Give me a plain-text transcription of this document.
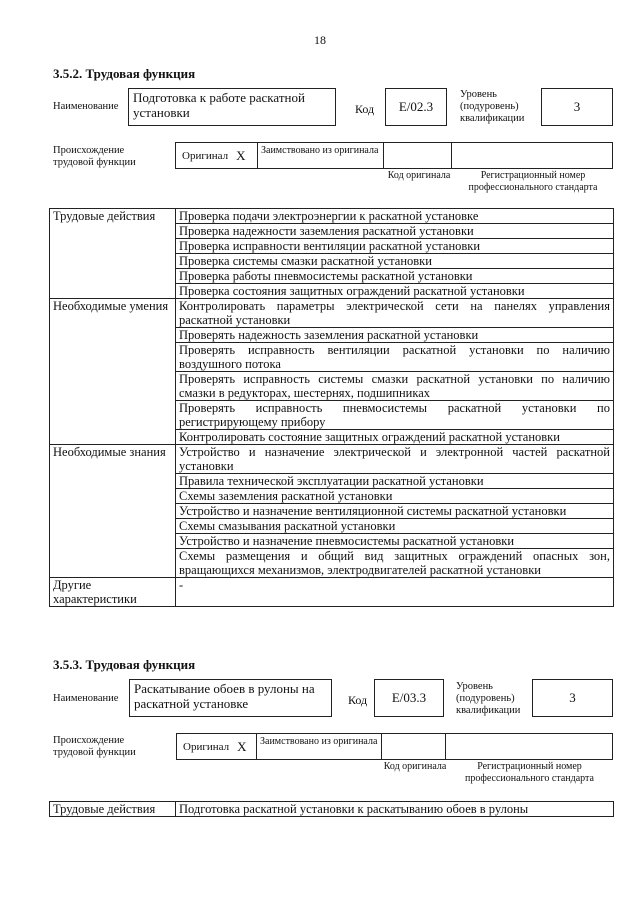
18
3.5.2. Трудовая функция
Наименование
Подготовка к работе раскатной установки	Код	E/02.3
Уровень (подуровень) квалификации
3
Происхождение трудовой функции
Оригинал X	Заимствовано из оригинала
Код оригинала	Регистрационный номер профессионального стандарта
Трудовые действия	Проверка подачи электроэнергии к раскатной установке
	Проверка надежности заземления раскатной установки
	Проверка исправности вентиляции раскатной установки
	Проверка системы смазки раскатной установки
	Проверка работы пневмосистемы раскатной установки
	Проверка состояния защитных ограждений раскатной установки
Необходимые умения	Контролировать параметры электрической сети на панелях управления раскатной установки
	Проверять надежность заземления раскатной установки
	Проверять исправность вентиляции раскатной установки по наличию воздушного потока
	Проверять исправность системы смазки раскатной установки по наличию смазки в редукторах, шестернях, подшипниках
	Проверять исправность пневмосистемы раскатной установки по регистрирующему прибору
	Контролировать состояние защитных ограждений раскатной установки
Необходимые знания	Устройство и назначение электрической и электронной частей раскатной установки
	Правила технической эксплуатации раскатной установки
	Схемы заземления раскатной установки
	Устройство и назначение вентиляционной системы раскатной установки
	Схемы смазывания раскатной установки
	Устройство и назначение пневмосистемы раскатной установки
	Схемы размещения и общий вид защитных ограждений опасных зон, вращающихся механизмов, электродвигателей раскатной установки
Другие характеристики	-
3.5.3. Трудовая функция
Наименование
Раскатывание обоев в рулоны на раскатной установке	Код	E/03.3
Уровень (подуровень) квалификации
3
Происхождение трудовой функции	Оригинал X	Заимствовано из оригинала
Код оригинала	Регистрационный номер профессионального стандарта
Трудовые действия	Подготовка раскатной установки к раскатыванию обоев в рулоны
